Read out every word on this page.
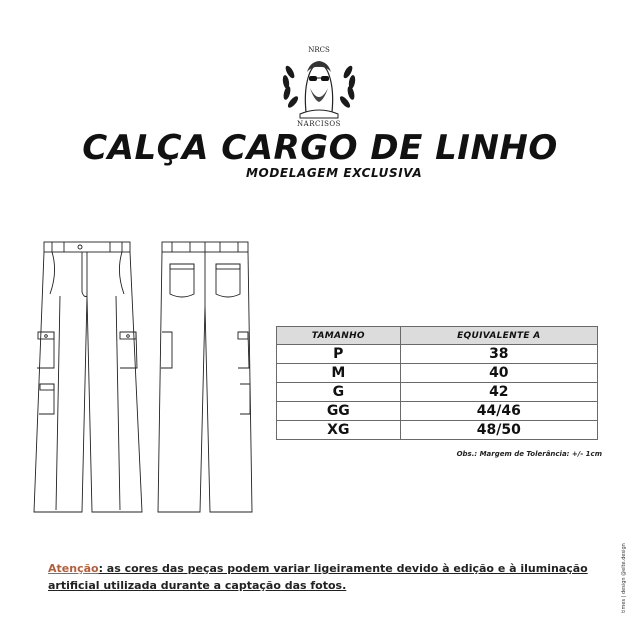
NRCS
NARCISOS
CALÇA CARGO DE LINHO
MODELAGEM EXCLUSIVA
TAMANHO	EQUIVALENTE A
P	38
M	40
G	42
GG	44/46
XG	48/50
Obs.: Margem de Tolerância: +/- 1cm
Atenção: as cores das peças podem variar ligeiramente devido à edição e à iluminação artificial utilizada durante a captação das fotos.	times | design @elte.design
